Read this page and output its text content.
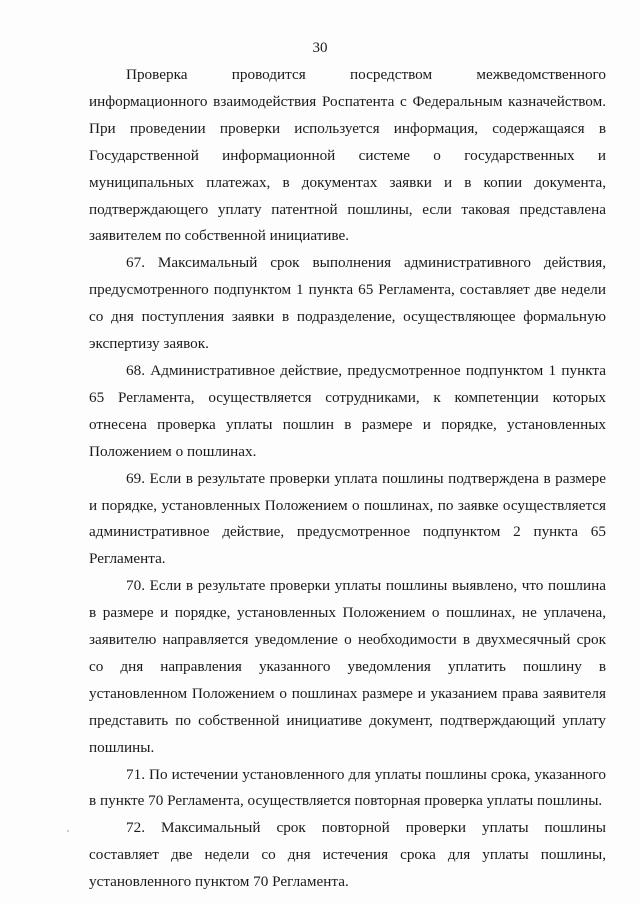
30

Проверка проводится посредством межведомственного информационного взаимодействия Роспатента с Федеральным казначейством. При проведении проверки используется информация, содержащаяся в Государственной информационной системе о государственных и муниципальных платежах, в документах заявки и в копии документа, подтверждающего уплату патентной пошлины, если таковая представлена заявителем по собственной инициативе.

67. Максимальный срок выполнения административного действия, предусмотренного подпунктом 1 пункта 65 Регламента, составляет две недели со дня поступления заявки в подразделение, осуществляющее формальную экспертизу заявок.

68. Административное действие, предусмотренное подпунктом 1 пункта 65 Регламента, осуществляется сотрудниками, к компетенции которых отнесена проверка уплаты пошлин в размере и порядке, установленных Положением о пошлинах.

69. Если в результате проверки уплата пошлины подтверждена в размере и порядке, установленных Положением о пошлинах, по заявке осуществляется административное действие, предусмотренное подпунктом 2 пункта 65 Регламента.

70. Если в результате проверки уплаты пошлины выявлено, что пошлина в размере и порядке, установленных Положением о пошлинах, не уплачена, заявителю направляется уведомление о необходимости в двухмесячный срок со дня направления указанного уведомления уплатить пошлину в установленном Положением о пошлинах размере и указанием права заявителя представить по собственной инициативе документ, подтверждающий уплату пошлины.

71. По истечении установленного для уплаты пошлины срока, указанного в пункте 70 Регламента, осуществляется повторная проверка уплаты пошлины.

72. Максимальный срок повторной проверки уплаты пошлины составляет две недели со дня истечения срока для уплаты пошлины, установленного пунктом 70 Регламента.
